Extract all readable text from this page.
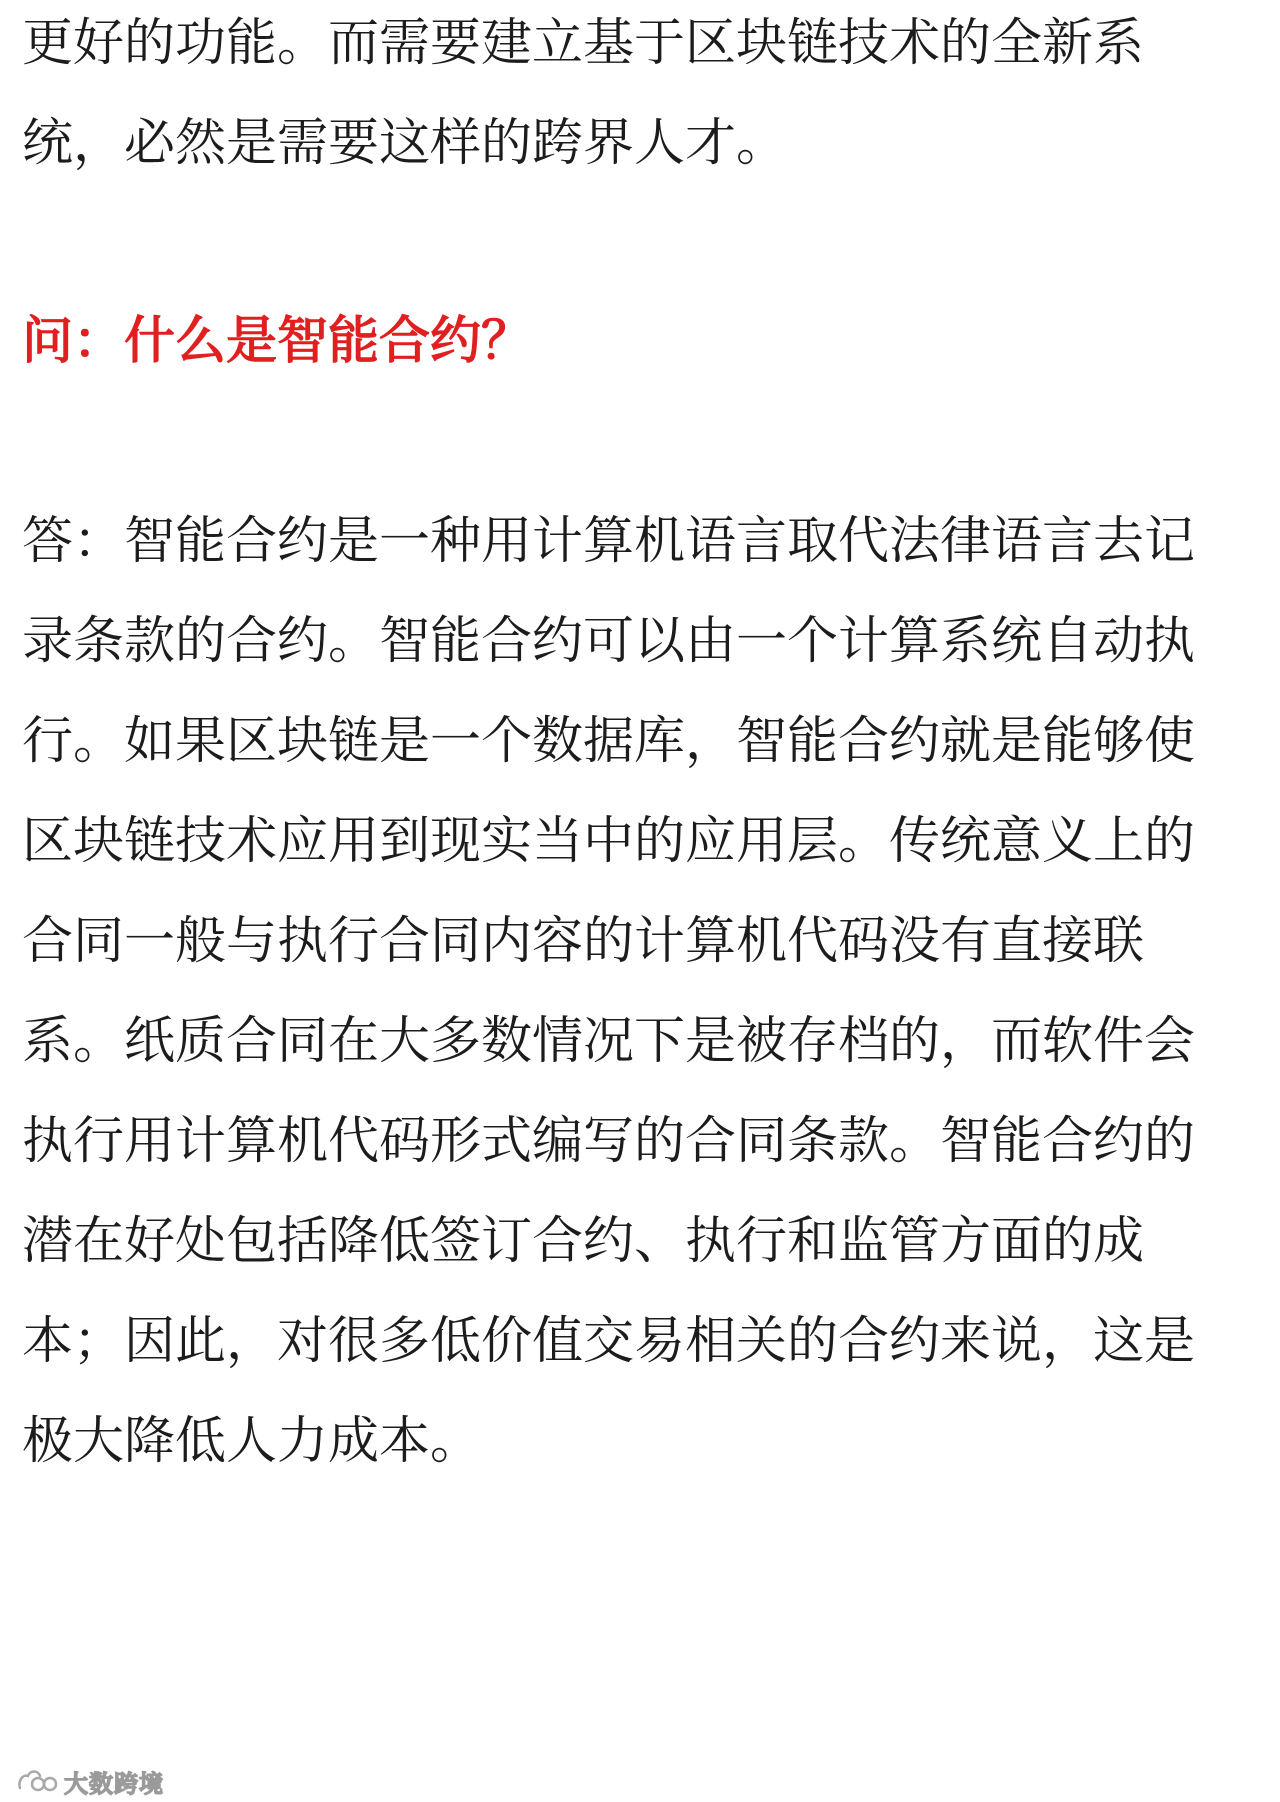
更好的功能。而需要建立基于区块链技术的全新系
统，必然是需要这样的跨界人才。
问：什么是智能合约？
答：智能合约是一种用计算机语言取代法律语言去记
录条款的合约。智能合约可以由一个计算系统自动执
行。如果区块链是一个数据库，智能合约就是能够使
区块链技术应用到现实当中的应用层。传统意义上的
合同一般与执行合同内容的计算机代码没有直接联
系。纸质合同在大多数情况下是被存档的，而软件会
执行用计算机代码形式编写的合同条款。智能合约的
潜在好处包括降低签订合约、执行和监管方面的成
本；因此，对很多低价值交易相关的合约来说，这是
极大降低人力成本。
大数跨境
